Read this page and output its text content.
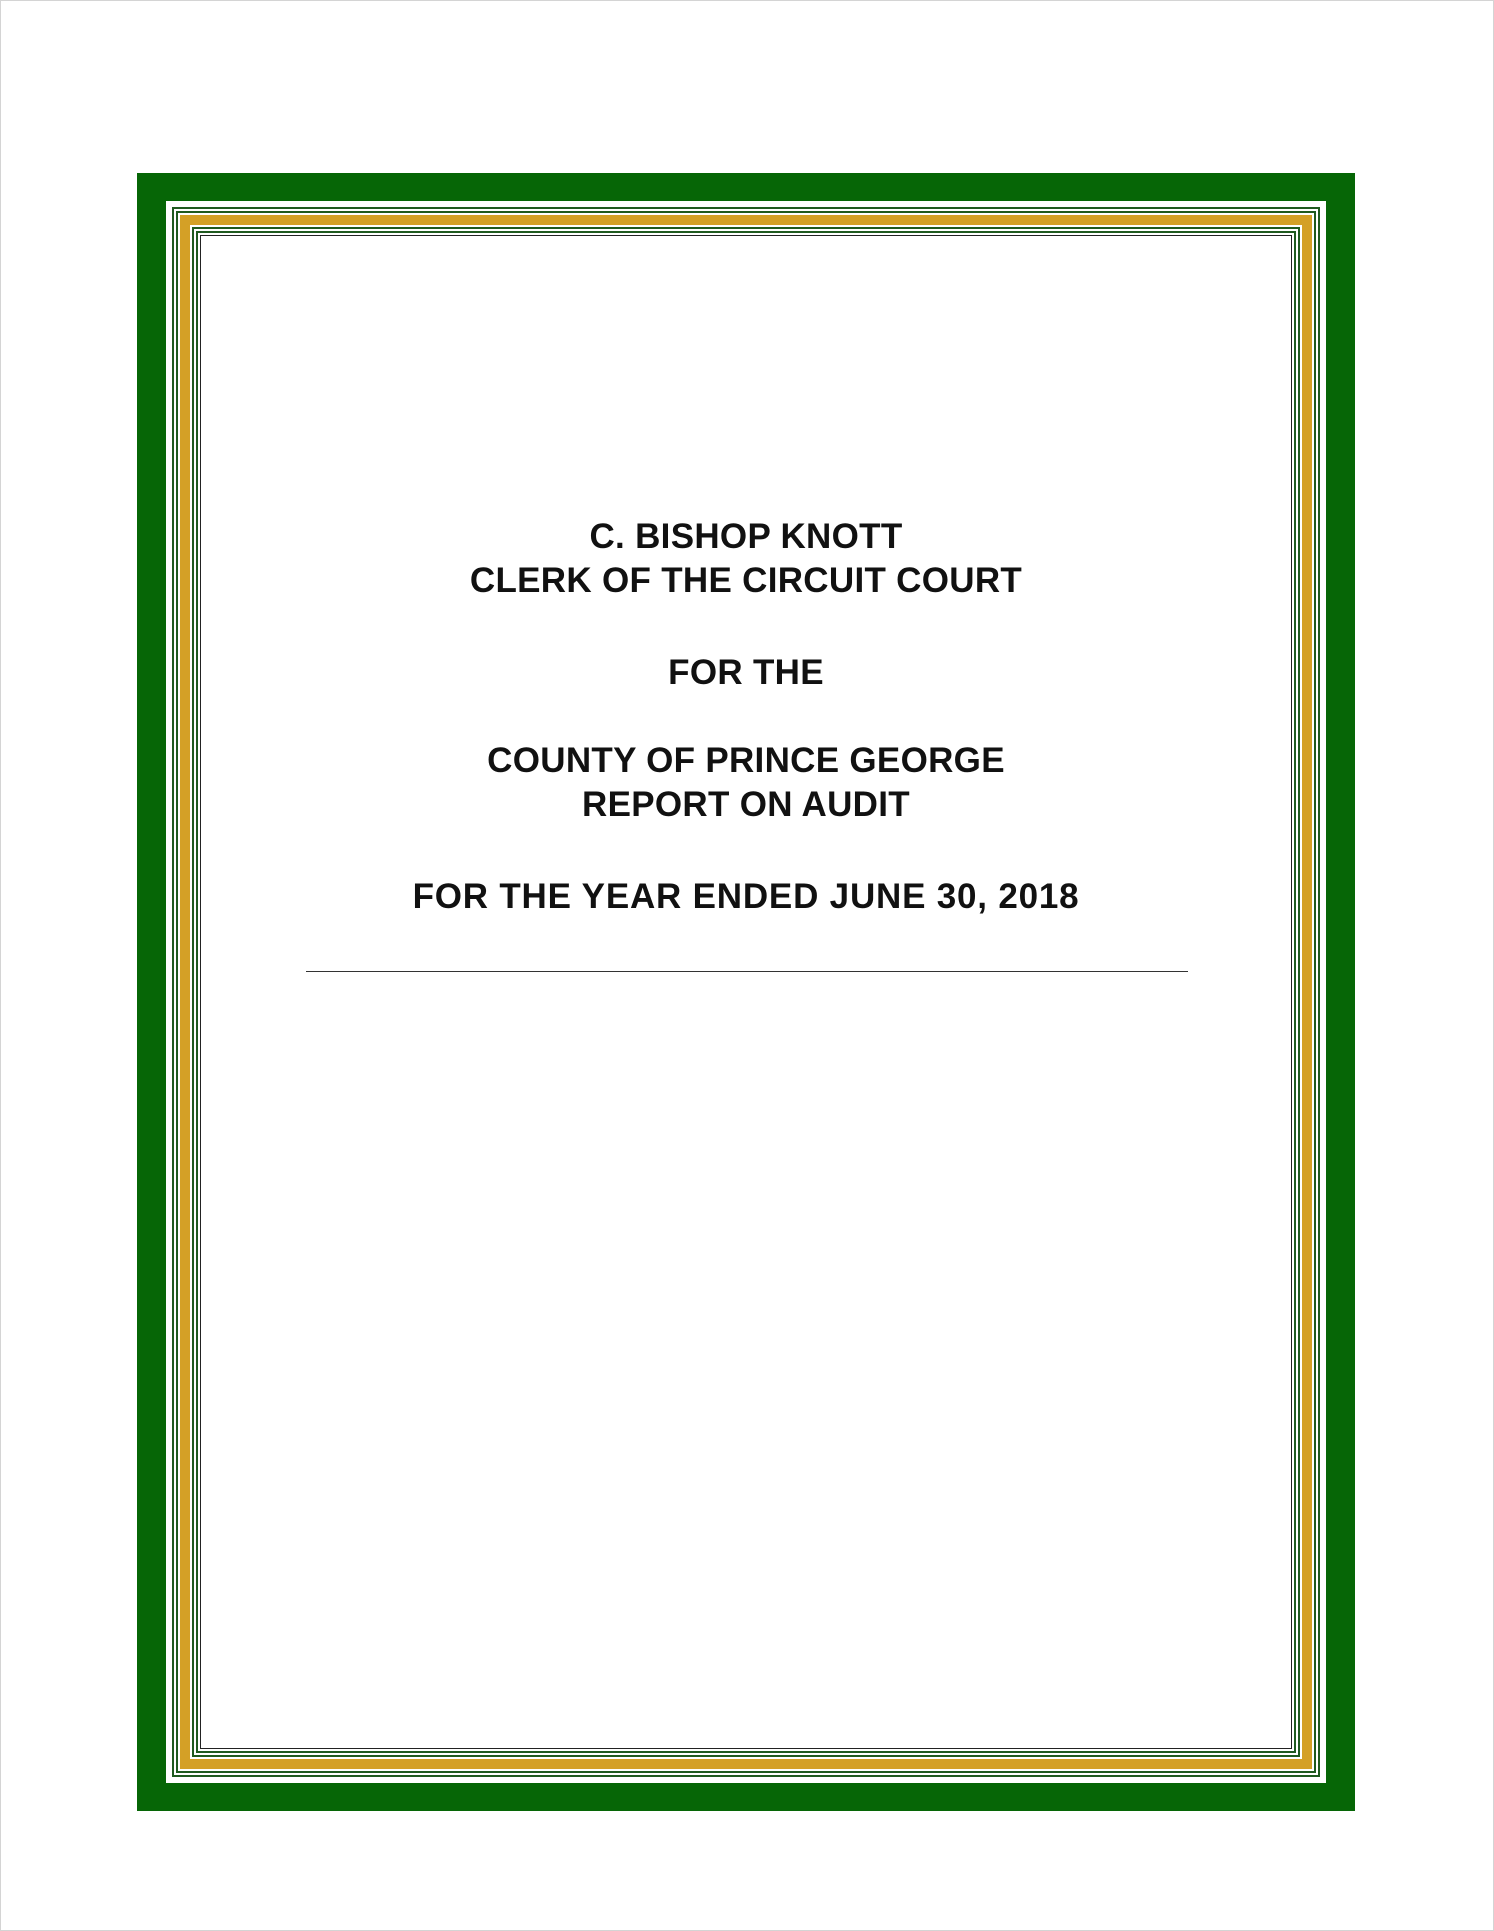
C. BISHOP KNOTT
CLERK OF THE CIRCUIT COURT
FOR THE
COUNTY OF PRINCE GEORGE
REPORT ON AUDIT
FOR THE YEAR ENDED JUNE 30, 2018
